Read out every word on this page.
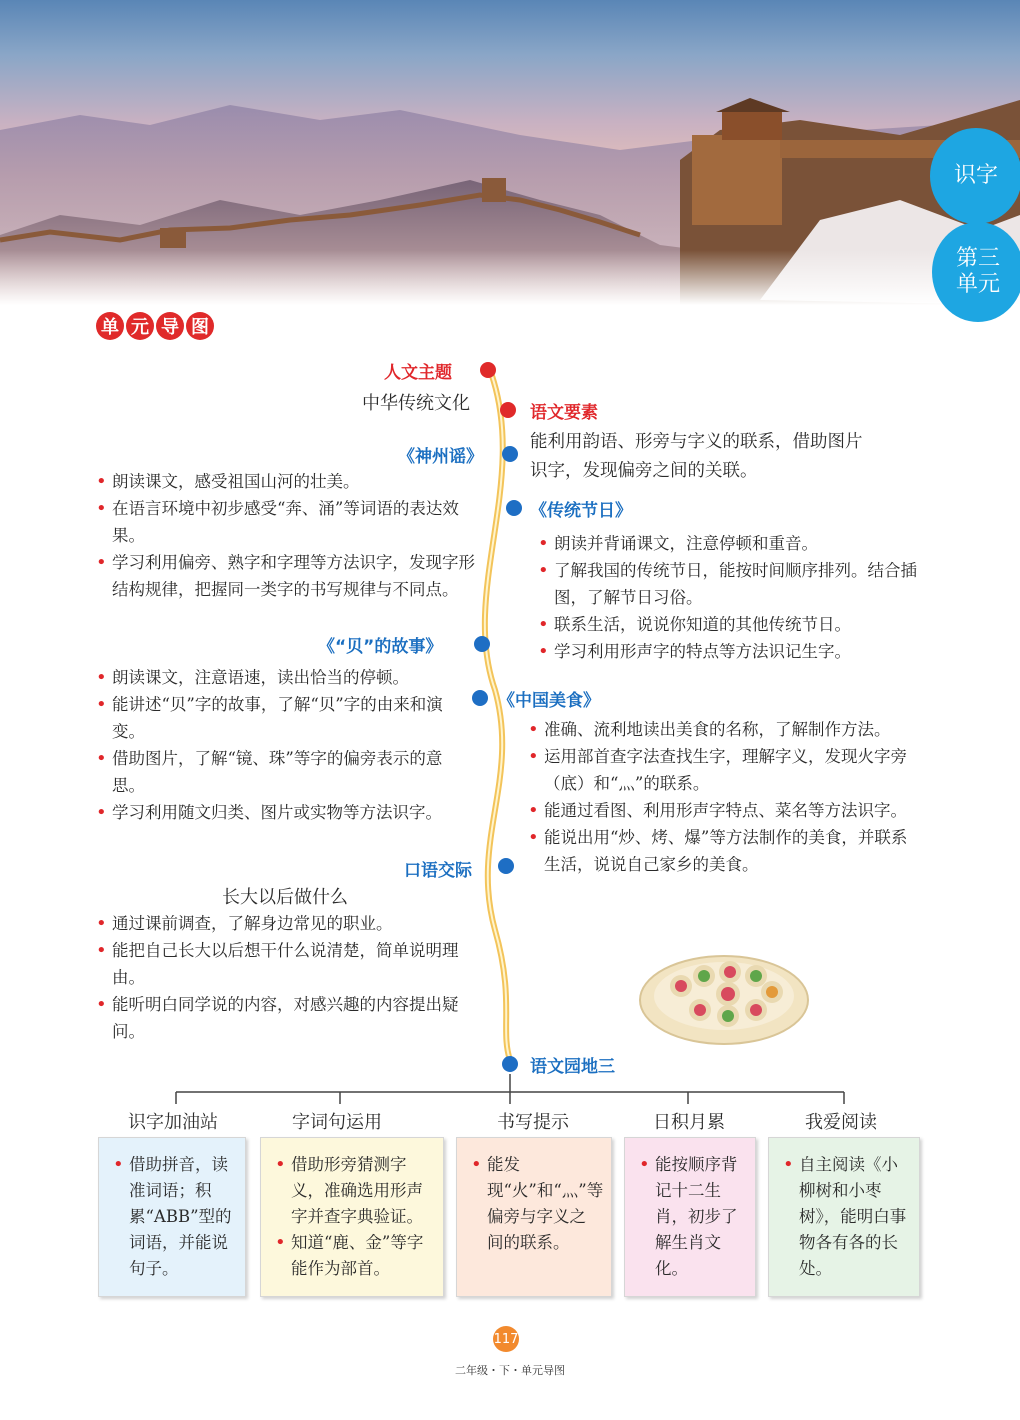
识字
第三
单元
单 元 导 图
人文主题
中华传统文化	语文要素
能利用韵语、形旁与字义的联系，借助图片
识字，发现偏旁之间的关联。
《神州谣》
• 朗读课文，感受祖国山河的壮美。
• 在语言环境中初步感受“奔、涌”等词语的表达效果。
• 学习利用偏旁、熟字和字理等方法识字，发现字形结构规律，把握同一类字的书写规律与不同点。
《传统节日》
• 朗读并背诵课文，注意停顿和重音。
• 了解我国的传统节日，能按时间顺序排列。结合插图，了解节日习俗。
• 联系生活，说说你知道的其他传统节日。
• 学习利用形声字的特点等方法识记生字。
《“贝”的故事》
• 朗读课文，注意语速，读出恰当的停顿。
• 能讲述“贝”字的故事，了解“贝”字的由来和演变。
• 借助图片，了解“镜、珠”等字的偏旁表示的意思。
• 学习利用随文归类、图片或实物等方法识字。
《中国美食》
• 准确、流利地读出美食的名称，了解制作方法。
• 运用部首查字法查找生字，理解字义，发现火字旁（底）和“灬”的联系。
• 能通过看图、利用形声字特点、菜名等方法识字。
• 能说出用“炒、烤、爆”等方法制作的美食，并联系生活，说说自己家乡的美食。
口语交际
长大以后做什么
• 通过课前调查，了解身边常见的职业。
• 能把自己长大以后想干什么说清楚，简单说明理由。
• 能听明白同学说的内容，对感兴趣的内容提出疑问。
语文园地三
识字加油站	字词句运用	书写提示	日积月累	我爱阅读
• 借助拼音，读准词语；积累“ABB”型的词语，并能说句子。
• 借助形旁猜测字义，准确选用形声字并查字典验证。
• 知道“鹿、金”等字能作为部首。
• 能发现“火”和“灬”等偏旁与字义之间的联系。
• 能按顺序背记十二生肖，初步了解生肖文化。
• 自主阅读《小柳树和小枣树》，能明白事物各有各的长处。
117
二年级・下・单元导图
